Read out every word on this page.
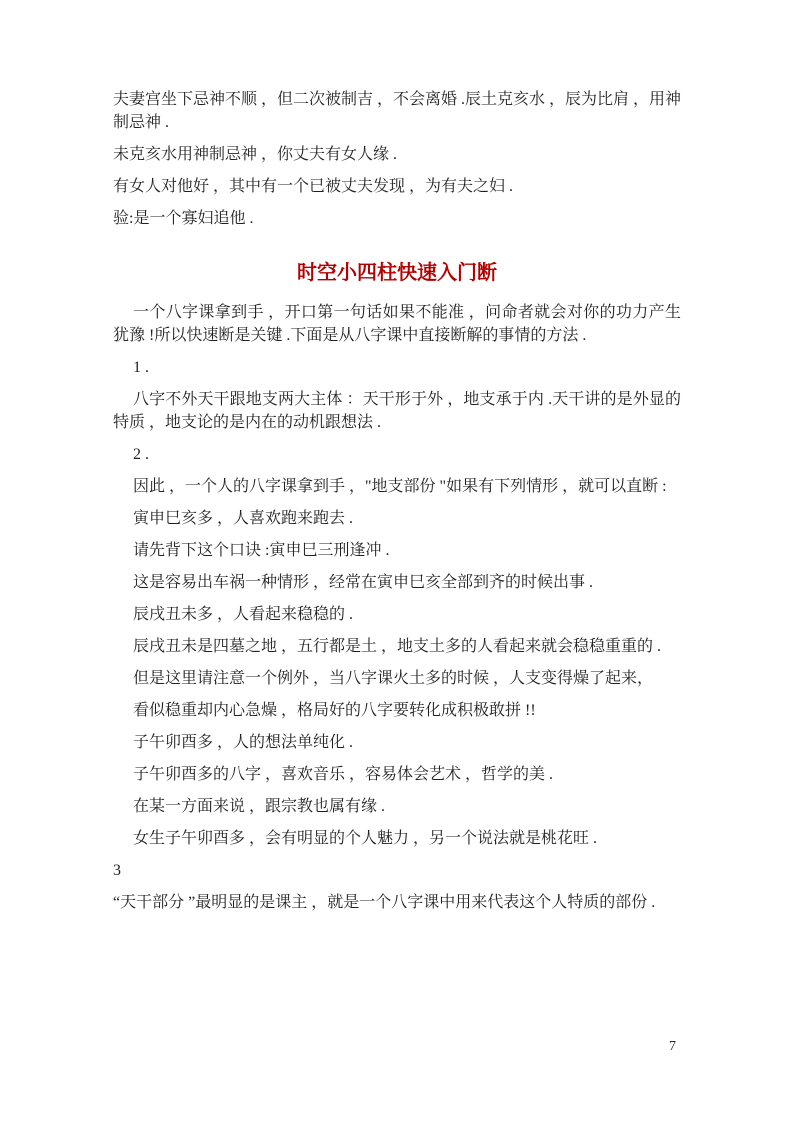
夫妻宫坐下忌神不顺 ，但二次被制吉 ，不会离婚 .辰土克亥水 ，辰为比肩 ，用神制忌神 .

未克亥水用神制忌神 ，你丈夫有女人缘 .

有女人对他好 ，其中有一个已被丈夫发现 ，为有夫之妇 .

验:是一个寡妇追他 .

时空小四柱快速入门断

一个八字课拿到手 ，开口第一句话如果不能准 ，问命者就会对你的功力产生犹豫 !所以快速断是关键 .下面是从八字课中直接断解的事情的方法 .

1 .

八字不外天干跟地支两大主体 ：天干形于外 ，地支承于内 .天干讲的是外显的特质 ，地支论的是内在的动机跟想法 .

2 .

因此 ，一个人的八字课拿到手 ，"地支部份 "如果有下列情形 ，就可以直断 :

寅申巳亥多 ，人喜欢跑来跑去 .

请先背下这个口诀 :寅申巳三刑逢冲 .

这是容易出车祸一种情形 ，经常在寅申巳亥全部到齐的时候出事 .

辰戌丑未多 ，人看起来稳稳的 .

辰戌丑未是四墓之地 ，五行都是土 ，地支土多的人看起来就会稳稳重重的 .

但是这里请注意一个例外 ，当八字课火土多的时候 ，人支变得燥了起来，

看似稳重却内心急燥 ，格局好的八字要转化成积极敢拼 !!

子午卯酉多 ，人的想法单纯化 .

子午卯酉多的八字 ，喜欢音乐 ，容易体会艺术 ，哲学的美 .

在某一方面来说 ，跟宗教也属有缘 .

女生子午卯酉多 ，会有明显的个人魅力 ，另一个说法就是桃花旺 .

3

“天干部分 ”最明显的是课主 ，就是一个八字课中用来代表这个人特质的部份 .

7
